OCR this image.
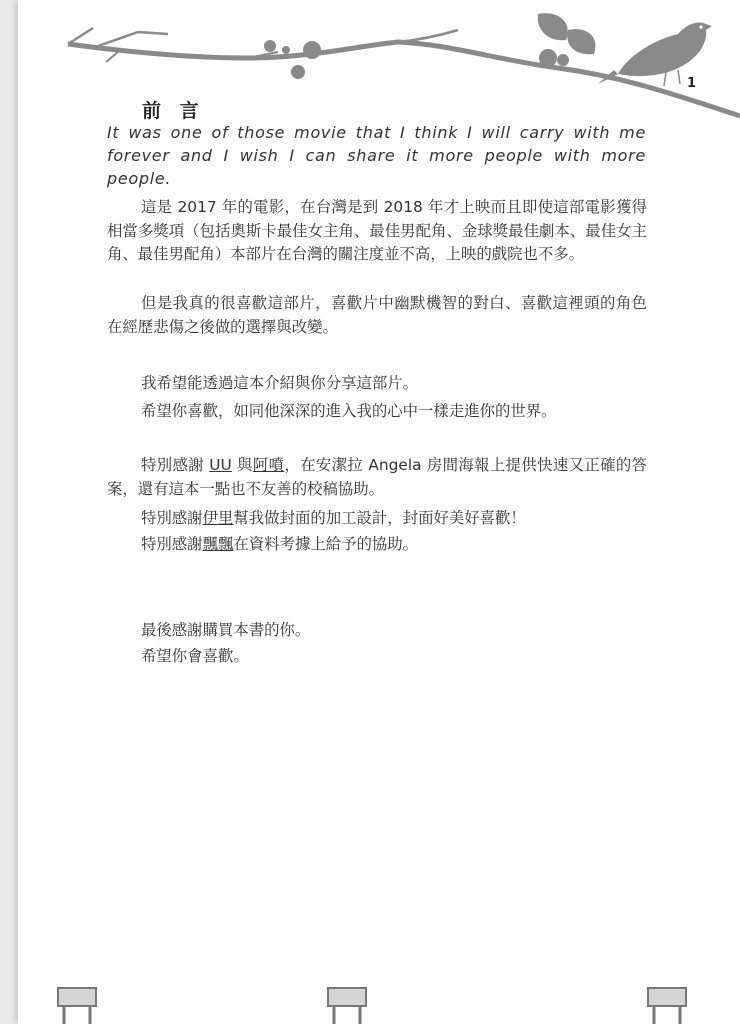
1
前 言
It was one of those movie that I think I will carry with me forever and I wish I can share it more people with more people.
這是 2017 年的電影，在台灣是到 2018 年才上映而且即使這部電影獲得相當多獎項（包括奧斯卡最佳女主角、最佳男配角、金球獎最佳劇本、最佳女主角、最佳男配角）本部片在台灣的關注度並不高，上映的戲院也不多。
但是我真的很喜歡這部片，喜歡片中幽默機智的對白、喜歡這裡頭的角色在經歷悲傷之後做的選擇與改變。
我希望能透過這本介紹與你分享這部片。
希望你喜歡，如同他深深的進入我的心中一樣走進你的世界。
特別感謝 UU 與阿噴，在安潔拉 Angela 房間海報上提供快速又正確的答案，還有這本一點也不友善的校稿協助。
特別感謝伊里幫我做封面的加工設計，封面好美好喜歡！
特別感謝飄飄在資料考據上給予的協助。
最後感謝購買本書的你。
希望你會喜歡。
